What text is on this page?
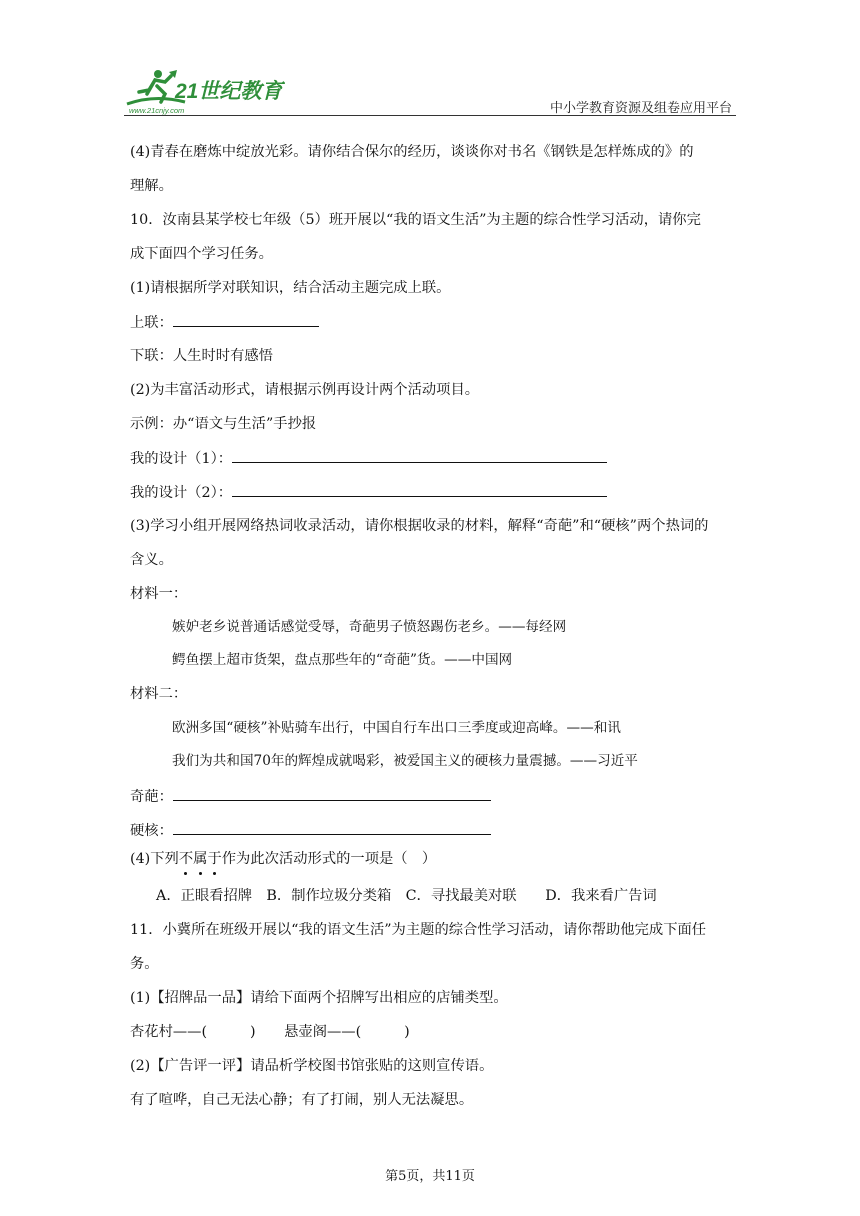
21世纪教育
www.21cnjy.com	中小学教育资源及组卷应用平台
(4)青春在磨炼中绽放光彩。请你结合保尔的经历，谈谈你对书名《钢铁是怎样炼成的》的
理解。
10．汝南县某学校七年级（5）班开展以“我的语文生活”为主题的综合性学习活动，请你完
成下面四个学习任务。
(1)请根据所学对联知识，结合活动主题完成上联。
上联：
下联：人生时时有感悟
(2)为丰富活动形式，请根据示例再设计两个活动项目。
示例：办“语文与生活”手抄报
我的设计（1）：
我的设计（2）：
(3)学习小组开展网络热词收录活动，请你根据收录的材料，解释“奇葩”和“硬核”两个热词的
含义。
材料一：
嫉妒老乡说普通话感觉受辱，奇葩男子愤怒踢伤老乡。——每经网
鳄鱼摆上超市货架，盘点那些年的“奇葩”货。——中国网
材料二：
欧洲多国“硬核”补贴骑车出行，中国自行车出口三季度或迎高峰。——和讯
我们为共和国70年的辉煌成就喝彩，被爱国主义的硬核力量震撼。——习近平
奇葩：
硬核：
(4)下列不属于
作为此次活动形式的一项是（　）
A．正眼看招牌　B．制作垃圾分类箱　C．寻找最美对联　　D．我来看广告词
11．小冀所在班级开展以“我的语文生活”为主题的综合性学习活动，请你帮助他完成下面任
务。
(1)【招牌品一品】请给下面两个招牌写出相应的店铺类型。
杏花村——(　　　)　　悬壶阁——(　　　)
(2)【广告评一评】请品析学校图书馆张贴的这则宣传语。
有了喧哗，自己无法心静；有了打闹，别人无法凝思。
第5页，共11页
